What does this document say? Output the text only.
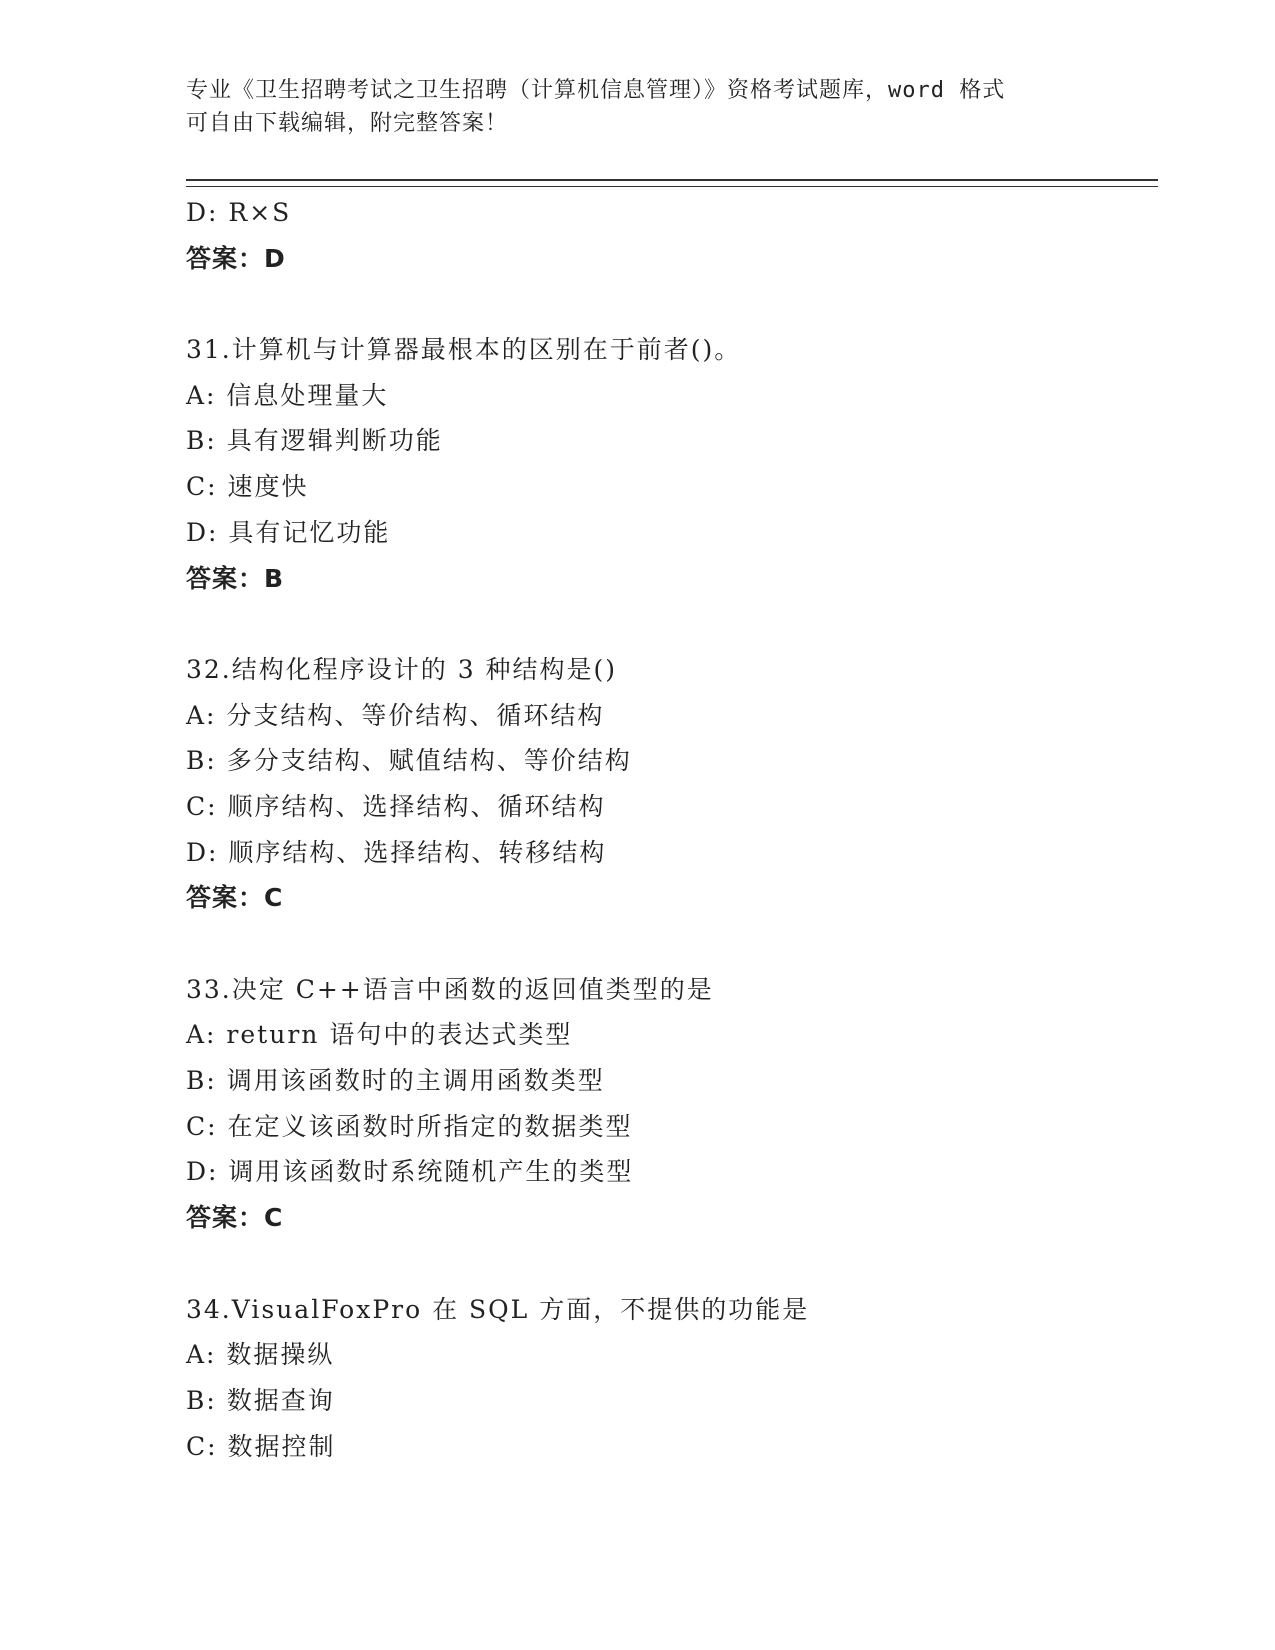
专业《卫生招聘考试之卫生招聘（计算机信息管理）》资格考试题库，word 格式
可自由下载编辑，附完整答案！
D: R×S
答案：D
31.计算机与计算器最根本的区别在于前者()。
A: 信息处理量大
B: 具有逻辑判断功能
C: 速度快
D: 具有记忆功能
答案：B
32.结构化程序设计的 3 种结构是()
A: 分支结构、等价结构、循环结构
B: 多分支结构、赋值结构、等价结构
C: 顺序结构、选择结构、循环结构
D: 顺序结构、选择结构、转移结构
答案：C
33.决定 C++语言中函数的返回值类型的是
A: return 语句中的表达式类型
B: 调用该函数时的主调用函数类型
C: 在定义该函数时所指定的数据类型
D: 调用该函数时系统随机产生的类型
答案：C
34.VisualFoxPro 在 SQL 方面，不提供的功能是
A: 数据操纵
B: 数据查询
C: 数据控制
